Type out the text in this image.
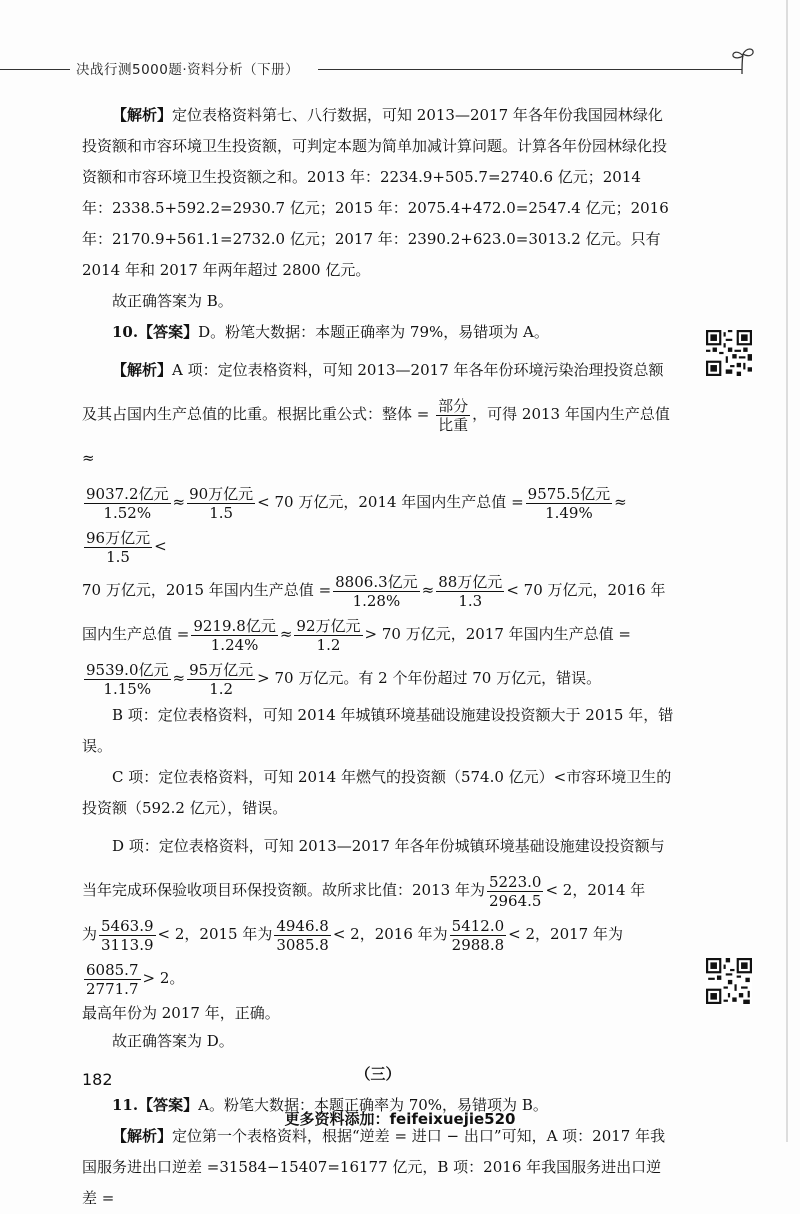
决战行测5000题·资料分析（下册）

【解析】定位表格资料第七、八行数据，可知 2013—2017 年各年份我国园林绿化投资额和市容环境卫生投资额，可判定本题为简单加减计算问题。计算各年份园林绿化投资额和市容环境卫生投资额之和。2013 年：2234.9+505.7=2740.6 亿元；2014 年：2338.5+592.2=2930.7 亿元；2015 年：2075.4+472.0=2547.4 亿元；2016 年：2170.9+561.1=2732.0 亿元；2017 年：2390.2+623.0=3013.2 亿元。只有 2014 年和 2017 年两年超过 2800 亿元。

故正确答案为 B。

10.【答案】D。粉笔大数据：本题正确率为 79%，易错项为 A。

【解析】A 项：定位表格资料，可知 2013—2017 年各年份环境污染治理投资总额及其占国内生产总值的比重。根据比重公式：整体 = $\frac{\text{部分}}{\text{比重}}$ ，可得 2013 年国内生产总值 ≈

$\frac{\text{9037.2亿元}}{1.52\%} \approx \frac{\text{90万亿元}}{1.5} < 70$ 万亿元，2014 年国内生产总值 = $\frac{\text{9575.5亿元}}{1.49\%}$ ≈
$\frac{\text{96万亿元}}{1.5}$ <
70 万亿元，2015 年国内生产总值 = $\frac{\text{8806.3亿元}}{1.28\%} \approx \frac{\text{88万亿元}}{1.3} < 70$ 万亿元，2016 年
国内生产总值 = $\frac{\text{9219.8亿元}}{1.24\%} \approx \frac{\text{92万亿元}}{1.2} > 70$ 万亿元，2017 年国内生产总值 =

$\frac{\text{9539.0亿元}}{1.15\%} \approx \frac{\text{95万亿元}}{1.2} > 70$ 万亿元。有 2 个年份超过 70 万亿元，错误。

B 项：定位表格资料，可知 2014 年城镇环境基础设施建设投资额大于 2015 年，错误。

C 项：定位表格资料，可知 2014 年燃气的投资额（574.0 亿元）<市容环境卫生的投资额（592.2 亿元），错误。

D 项：定位表格资料，可知 2013—2017 年各年份城镇环境基础设施建设投资额与当年完成环保验收项目环保投资额。故所求比值：2013 年为 $\frac{5223.0}{2964.5} < 2$，2014 年
为 $\frac{5463.9}{3113.9} < 2$，2015 年为 $\frac{4946.8}{3085.8} < 2$，2016 年为 $\frac{5412.0}{2988.8} < 2$，2017 年为
$\frac{6085.7}{2771.7} > 2$。

最高年份为 2017 年，正确。

故正确答案为 D。

（三）

11.【答案】A。粉笔大数据：本题正确率为 70%，易错项为 B。

【解析】定位第一个表格资料，根据“逆差 = 进口 − 出口”可知，A 项：2017 年我国服务进出口逆差 =31584−15407=16177 亿元，B 项：2016 年我国服务进出口逆差 =

182
更多资料添加：feifeixuejie520
